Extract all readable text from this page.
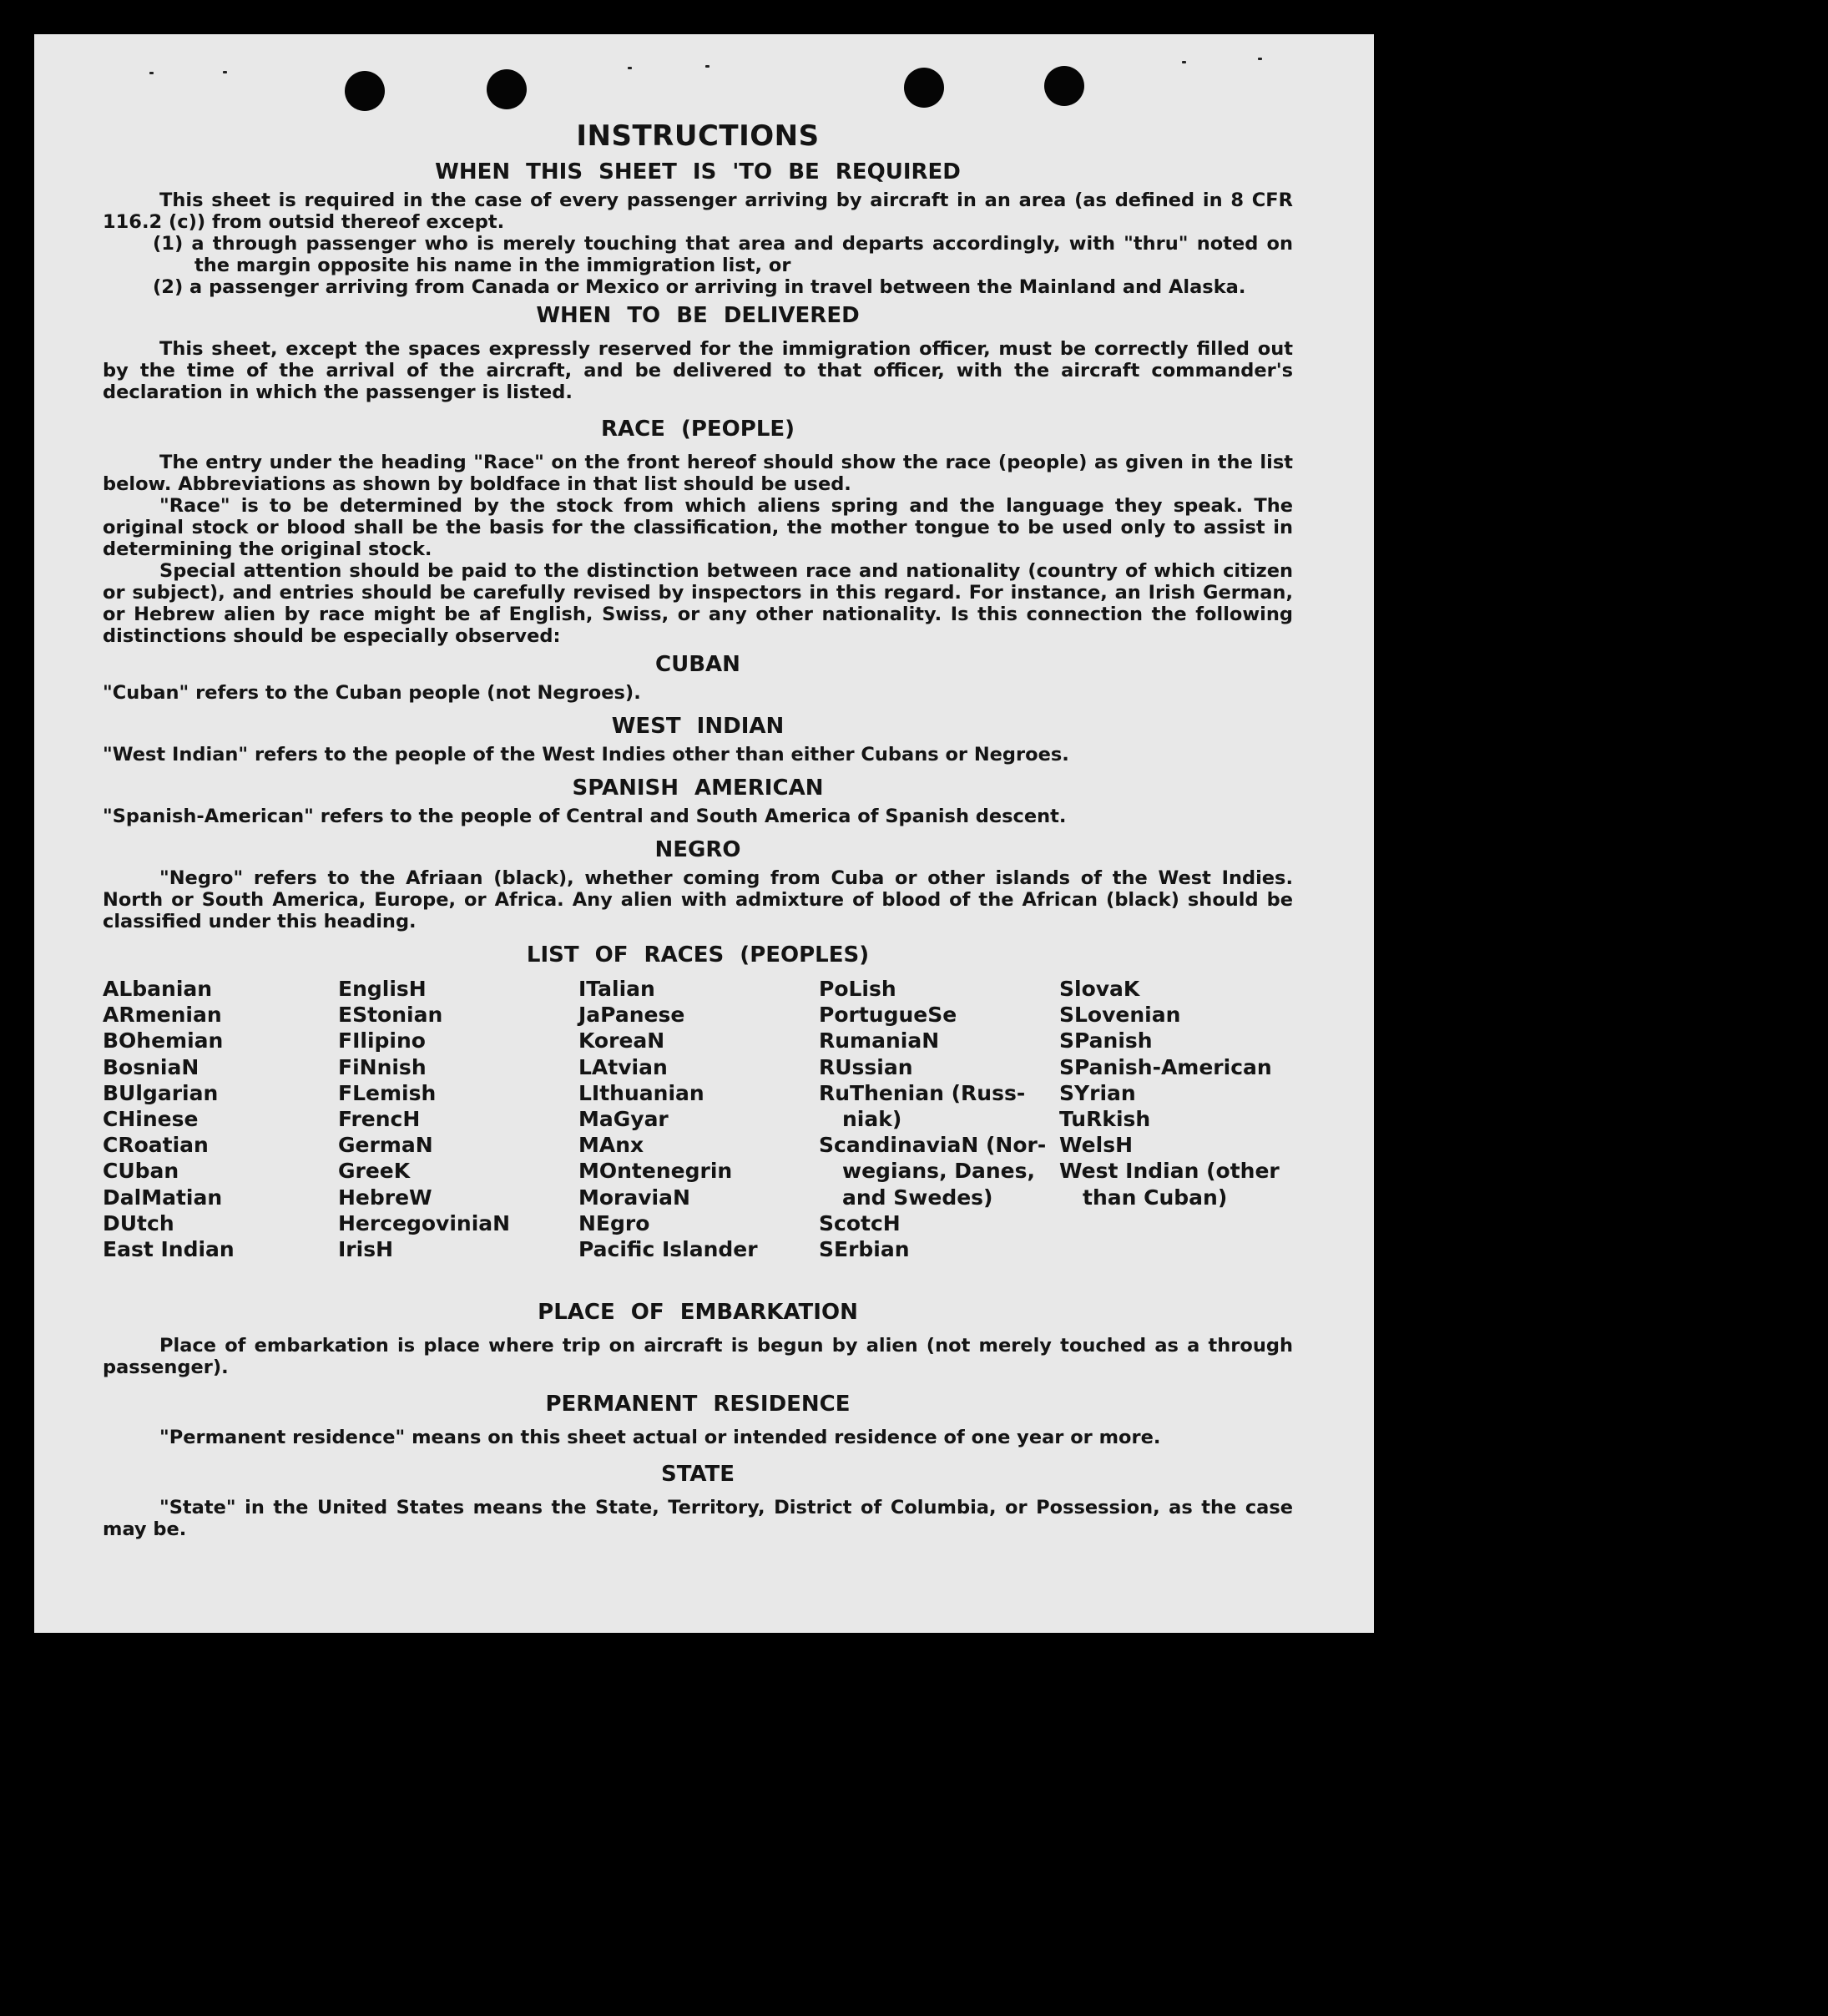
INSTRUCTIONS
WHEN THIS SHEET IS 'TO BE REQUIRED

This sheet is required in the case of every passenger arriving by aircraft in an area (as defined in 8 CFR 116.2 (c)) from outsid thereof except.

(1) a through passenger who is merely touching that area and departs accordingly, with "thru" noted on the margin opposite his name in the immigration list, or

(2) a passenger arriving from Canada or Mexico or arriving in travel between the Mainland and Alaska.

WHEN TO BE DELIVERED

This sheet, except the spaces expressly reserved for the immigration officer, must be correctly filled out by the time of the arrival of the aircraft, and be delivered to that officer, with the aircraft commander's declaration in which the passenger is listed.

RACE (PEOPLE)

The entry under the heading "Race" on the front hereof should show the race (people) as given in the list below. Abbreviations as shown by boldface in that list should be used.

"Race" is to be determined by the stock from which aliens spring and the language they speak. The original stock or blood shall be the basis for the classification, the mother tongue to be used only to assist in determining the original stock.

Special attention should be paid to the distinction between race and nationality (country of which citizen or subject), and entries should be carefully revised by inspectors in this regard. For instance, an Irish German, or Hebrew alien by race might be af English, Swiss, or any other nationality. Is this connection the following distinctions should be especially observed:

CUBAN

"Cuban" refers to the Cuban people (not Negroes).

WEST INDIAN

"West Indian" refers to the people of the West Indies other than either Cubans or Negroes.

SPANISH AMERICAN

"Spanish-American" refers to the people of Central and South America of Spanish descent.

NEGRO

"Negro" refers to the Afriaan (black), whether coming from Cuba or other islands of the West Indies. North or South America, Europe, or Africa. Any alien with admixture of blood of the African (black) should be classified under this heading.

LIST OF RACES (PEOPLES)
ALbanian
ARmenian
BOhemian
BosniaN
BUlgarian
CHinese
CRoatian
CUban
DalMatian
DUtch
East Indian
EnglisH
EStonian
FIlipino
FiNnish
FLemish
FrencH
GermaN
GreeK
HebreW
HercegoviniaN
IrisH
ITalian
JaPanese
KoreaN
LAtvian
LIthuanian
MaGyar
MAnx
MOntenegrin
MoraviaN
NEgro
Pacific Islander
PoLish
PortugueSe
RumaniaN
RUssian
RuThenian (Russ-
niak)
ScandinaviaN (Nor-
wegians, Danes,
and Swedes)
ScotcH
SErbian
SlovaK
SLovenian
SPanish
SPanish-American
SYrian
TuRkish
WelsH
West Indian (other
than Cuban)
PLACE OF EMBARKATION

Place of embarkation is place where trip on aircraft is begun by alien (not merely touched as a through passenger).

PERMANENT RESIDENCE

"Permanent residence" means on this sheet actual or intended residence of one year or more.

STATE

"State" in the United States means the State, Territory, District of Columbia, or Possession, as the case may be.
